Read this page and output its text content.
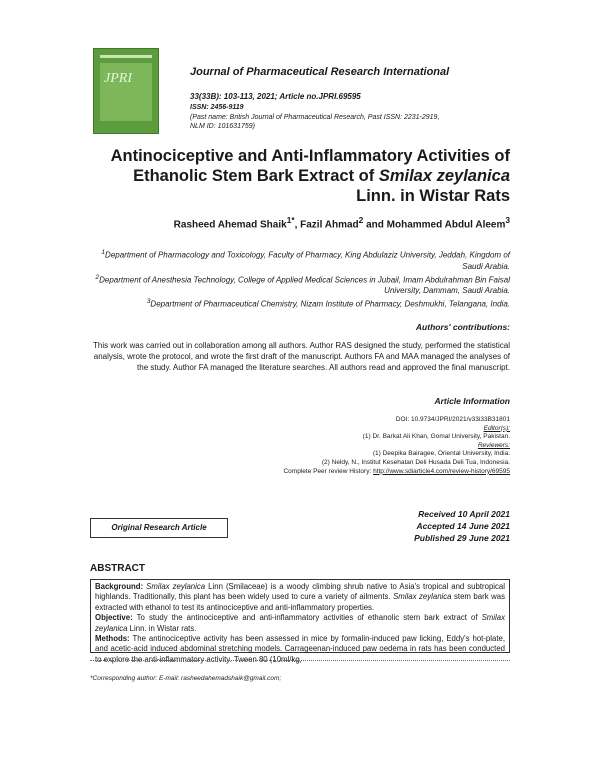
JPRI	Journal of Pharmaceutical Research International
33(33B): 103-113, 2021; Article no.JPRI.69595
ISSN: 2456-9119
(Past name: British Journal of Pharmaceutical Research, Past ISSN: 2231-2919,
NLM ID: 101631759)
Antinociceptive and Anti-Inflammatory Activities of
Ethanolic Stem Bark Extract of Smilax zeylanica
Linn. in Wistar Rats
Rasheed Ahemad Shaik$^{1*}$, Fazil Ahmad$^2$ and Mohammed Abdul Aleem$^3$
$^1$Department of Pharmacology and Toxicology, Faculty of Pharmacy, King Abdulaziz University, Jeddah, Kingdom of Saudi Arabia.
$^2$Department of Anesthesia Technology, College of Applied Medical Sciences in Jubail, Imam Abdulrahman Bin Faisal University, Dammam, Saudi Arabia.
$^3$Department of Pharmaceutical Chemistry, Nizam Institute of Pharmacy, Deshmukhi, Telangana, India.
Authors' contributions:
This work was carried out in collaboration among all authors. Author RAS designed the study, performed the statistical analysis, wrote the protocol, and wrote the first draft of the manuscript. Authors FA and MAA managed the analyses of the study. Author FA managed the literature searches. All authors read and approved the final manuscript.
Article Information
DOI: 10.9734/JPRI/2021/v33i33B31801
Editor(s):
(1) Dr. Barkat Ali Khan, Gomal University, Pakistan.
Reviewers:
(1) Deepika Bairagee, Oriental University, India.
(2) Neldy, N., Institut Kesehatan Deli Husada Deli Tua, Indonesia.
Complete Peer review History: http://www.sdiarticle4.com/review-history/69595
Original Research Article
Received 10 April 2021
Accepted 14 June 2021
Published 29 June 2021
ABSTRACT
Background: Smilax zeylanica Linn (Smilaceae) is a woody climbing shrub native to Asia's tropical and subtropical highlands. Traditionally, this plant has been widely used to cure a variety of ailments. Smilax zeylanica stem bark was extracted with ethanol to test its antinociceptive and anti-inflammatory properties.
Objective: To study the antinociceptive and anti-inflammatory activities of ethanolic stem bark extract of Smilax zeylanica Linn. in Wistar rats.
Methods: The antinociceptive activity has been assessed in mice by formalin-induced paw licking, Eddy's hot-plate, and acetic-acid induced abdominal stretching models. Carrageenan-induced paw oedema in rats has been conducted to explore the anti-inflammatory activity. Tween 80 (10ml/kg,
*Corresponding author: E-mail: rasheedahemadshaik@gmail.com;
